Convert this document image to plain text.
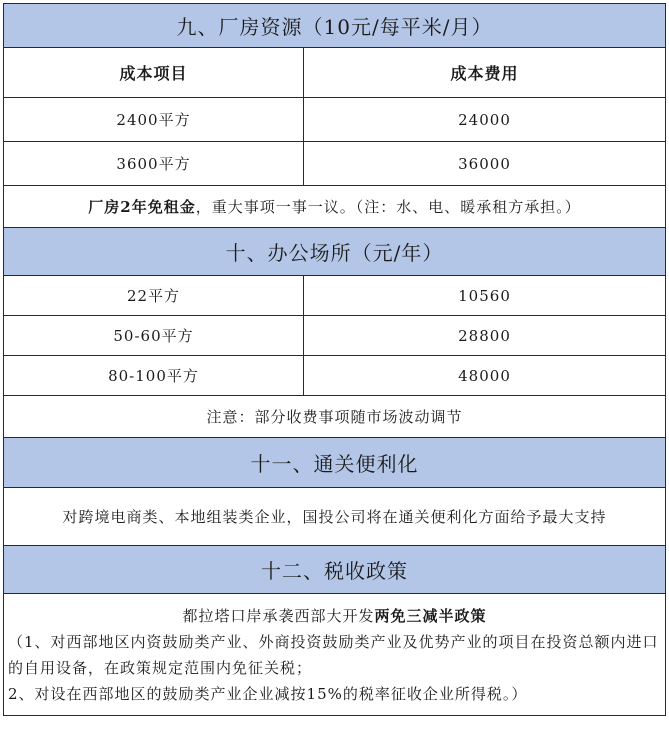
九、厂房资源（10元/每平米/月）	
成本项目	成本费用
2400平方	24000
3600平方	36000
厂房2年免租金，重大事项一事一议。（注：水、电、暖承租方承担。）	
十、办公场所（元/年）	
22平方	10560
50-60平方	28800
80-100平方	48000
注意：部分收费事项随市场波动调节	
十一、通关便利化	
对跨境电商类、本地组装类企业，国投公司将在通关便利化方面给予最大支持	
十二、税收政策	

都拉塔口岸承袭西部大开发两免三减半政策
（1、对西部地区内资鼓励类产业、外商投资鼓励类产业及优势产业的项目在投资总额内进口的自用设备，在政策规定范围内免征关税；
2、对设在西部地区的鼓励类产业企业减按15%的税率征收企业所得税。）	
